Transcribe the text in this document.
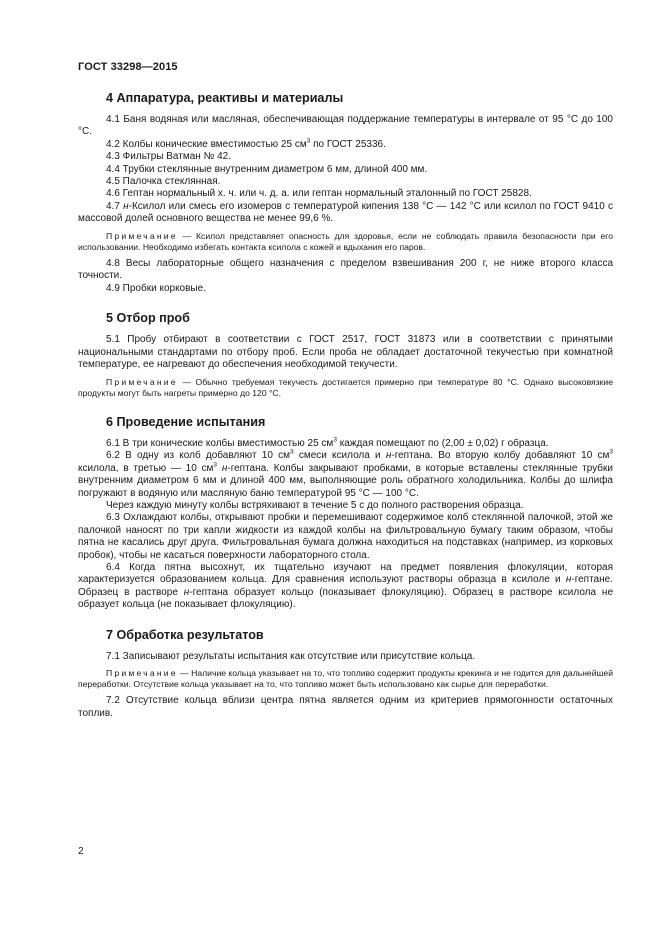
ГОСТ 33298—2015
4 Аппаратура, реактивы и материалы

4.1 Баня водяная или масляная, обеспечивающая поддержание температуры в интервале от 95 °C до 100 °C.

4.2 Колбы конические вместимостью 25 $см^3$ по ГОСТ 25336.

4.3 Фильтры Ватман № 42.

4.4 Трубки стеклянные внутренним диаметром 6 мм, длиной 400 мм.

4.5 Палочка стеклянная.

4.6 Гептан нормальный х. ч. или ч. д. а. или гептан нормальный эталонный по ГОСТ 25828.

4.7 н-Ксилол или смесь его изомеров с температурой кипения 138 °C — 142 °C или ксилол по ГОСТ 9410 с массовой долей основного вещества не менее 99,6 %.

Примечание — Ксилол представляет опасность для здоровья, если не соблюдать правила безопасности при его использовании. Необходимо избегать контакта ксилола с кожей и вдыхания его паров.

4.8 Весы лабораторные общего назначения с пределом взвешивания 200 г, не ниже второго класса точности.

4.9 Пробки корковые.

5 Отбор проб

5.1 Пробу отбирают в соответствии с ГОСТ 2517, ГОСТ 31873 или в соответствии с принятыми национальными стандартами по отбору проб. Если проба не обладает достаточной текучестью при комнатной температуре, ее нагревают до обеспечения необходимой текучести.

Примечание — Обычно требуемая текучесть достигается примерно при температуре 80 °C. Однако высоковязкие продукты могут быть нагреты примерно до 120 °C.

6 Проведение испытания

6.1 В три конические колбы вместимостью 25 $см^3$ каждая помещают по (2,00 ± 0,02) г образца.

6.2 В одну из колб добавляют 10 $см^3$ смеси ксилола и н-гептана. Во вторую колбу добавляют 10 $см^3$ ксилола, в третью — 10 $см^3$ н-гептана. Колбы закрывают пробками, в которые вставлены стеклянные трубки внутренним диаметром 6 мм и длиной 400 мм, выполняющие роль обратного холодильника. Колбы до шлифа погружают в водяную или масляную баню температурой 95 °C — 100 °C.

Через каждую минуту колбы встряхивают в течение 5 с до полного растворения образца.

6.3 Охлаждают колбы, открывают пробки и перемешивают содержимое колб стеклянной палочкой, этой же палочкой наносят по три капли жидкости из каждой колбы на фильтровальную бумагу таким образом, чтобы пятна не касались друг друга. Фильтровальная бумага должна находиться на подставках (например, из корковых пробок), чтобы не касаться поверхности лабораторного стола.

6.4 Когда пятна высохнут, их тщательно изучают на предмет появления флокуляции, которая характеризуется образованием кольца. Для сравнения используют растворы образца в ксилоле и н-гептане. Образец в растворе н-гептана образует кольцо (показывает флокуляцию). Образец в растворе ксилола не образует кольца (не показывает флокуляцию).

7 Обработка результатов

7.1 Записывают результаты испытания как отсутствие или присутствие кольца.

Примечание — Наличие кольца указывает на то, что топливо содержит продукты крекинга и не годится для дальнейшей переработки. Отсутствие кольца указывает на то, что топливо может быть использовано как сырье для переработки.

7.2 Отсутствие кольца вблизи центра пятна является одним из критериев прямогонности остаточных топлив.

2
